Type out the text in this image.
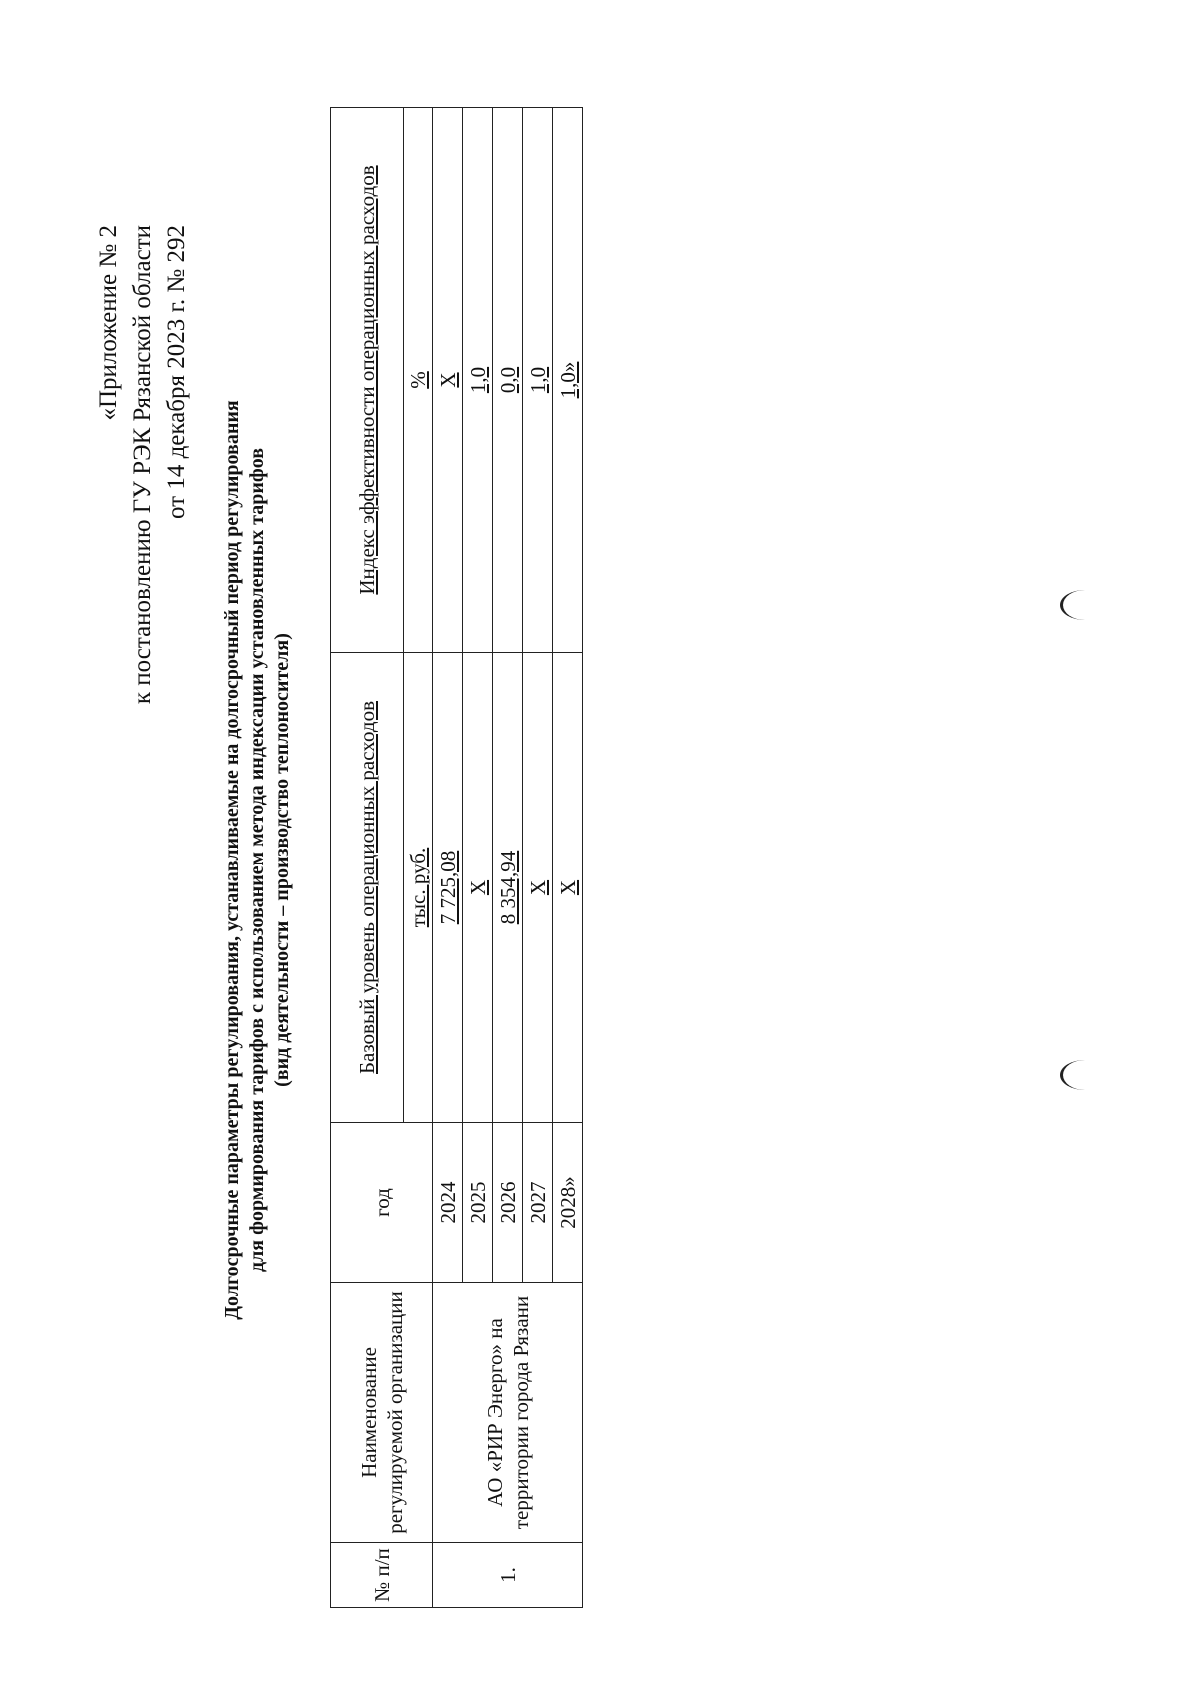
«Приложение № 2 к постановлению ГУ РЭК Рязанской области от 14 декабря 2023 г. № 292
Долгосрочные параметры регулирования, устанавливаемые на долгосрочный период регулирования для формирования тарифов с использованием метода индексации установленных тарифов (вид деятельности – производство теплоносителя)
№ п/п	Наименование регулируемой организации	год	Базовый уровень операционных расходов	Индекс эффективности операционных расходов
			тыс. руб.	%
1.	АО «РИР Энерго» на территории города Рязани	2024	7 725,08	Х
		2025	Х	1,0
		2026	8 354,94	0,0
		2027	Х	1,0
		2028»	Х	1,0»
